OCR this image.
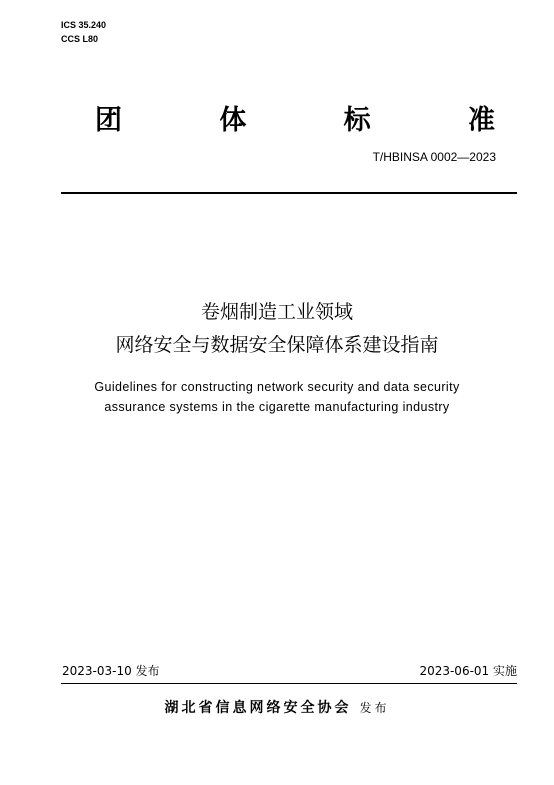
ICS 35.240
CCS L80
团	体	标	准
T/HBINSA 0002—2023
卷烟制造工业领域
网络安全与数据安全保障体系建设指南
Guidelines for constructing network security and data security
assurance systems in the cigarette manufacturing industry
2023-03-10 发布	2023-06-01 实施
湖北省信息网络安全协会 发布
